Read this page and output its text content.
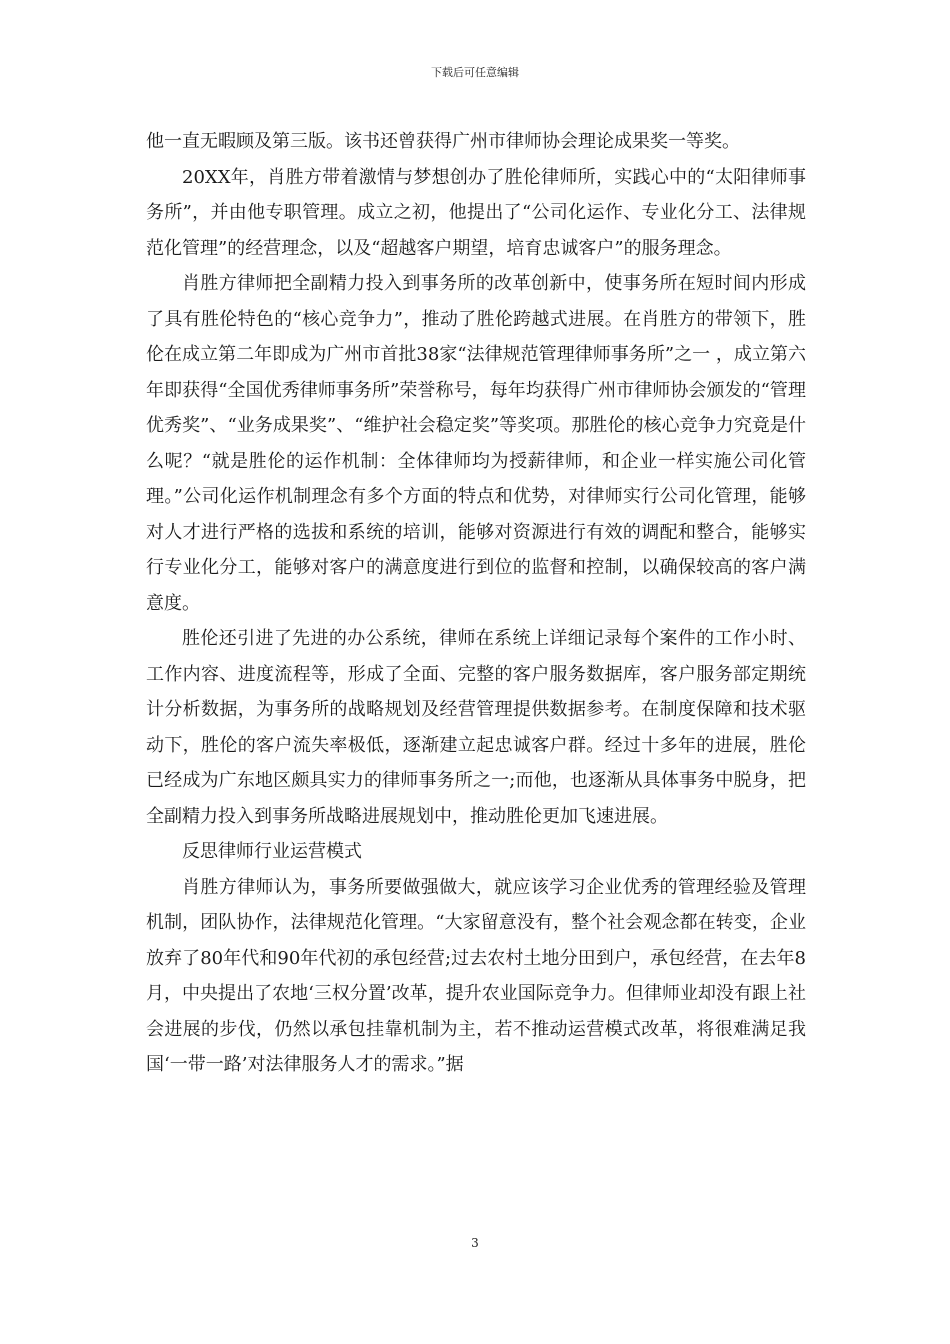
下载后可任意编辑

他一直无暇顾及第三版。该书还曾获得广州市律师协会理论成果奖一等奖。

20XX年，肖胜方带着激情与梦想创办了胜伦律师所，实践心中的“太阳律师事务所”，并由他专职管理。成立之初，他提出了“公司化运作、专业化分工、法律规范化管理”的经营理念，以及“超越客户期望，培育忠诚客户”的服务理念。

肖胜方律师把全副精力投入到事务所的改革创新中，使事务所在短时间内形成了具有胜伦特色的“核心竞争力”，推动了胜伦跨越式进展。在肖胜方的带领下，胜伦在成立第二年即成为广州市首批38家“法律规范管理律师事务所”之一 ，成立第六年即获得“全国优秀律师事务所”荣誉称号，每年均获得广州市律师协会颁发的“管理优秀奖”、“业务成果奖”、“维护社会稳定奖”等奖项。那胜伦的核心竞争力究竟是什么呢？“就是胜伦的运作机制：全体律师均为授薪律师，和企业一样实施公司化管理。”公司化运作机制理念有多个方面的特点和优势，对律师实行公司化管理，能够对人才进行严格的选拔和系统的培训，能够对资源进行有效的调配和整合，能够实行专业化分工，能够对客户的满意度进行到位的监督和控制，以确保较高的客户满意度。

胜伦还引进了先进的办公系统，律师在系统上详细记录每个案件的工作小时、工作内容、进度流程等，形成了全面、完整的客户服务数据库，客户服务部定期统计分析数据，为事务所的战略规划及经营管理提供数据参考。在制度保障和技术驱动下，胜伦的客户流失率极低，逐渐建立起忠诚客户群。经过十多年的进展，胜伦已经成为广东地区颇具实力的律师事务所之一;而他，也逐渐从具体事务中脱身，把全副精力投入到事务所战略进展规划中，推动胜伦更加飞速进展。

反思律师行业运营模式

肖胜方律师认为，事务所要做强做大，就应该学习企业优秀的管理经验及管理机制，团队协作，法律规范化管理。“大家留意没有，整个社会观念都在转变，企业放弃了80年代和90年代初的承包经营;过去农村土地分田到户，承包经营，在去年8月，中央提出了农地‘三权分置’改革，提升农业国际竞争力。但律师业却没有跟上社会进展的步伐，仍然以承包挂靠机制为主，若不推动运营模式改革，将很难满足我国‘一带一路’对法律服务人才的需求。”据

3
